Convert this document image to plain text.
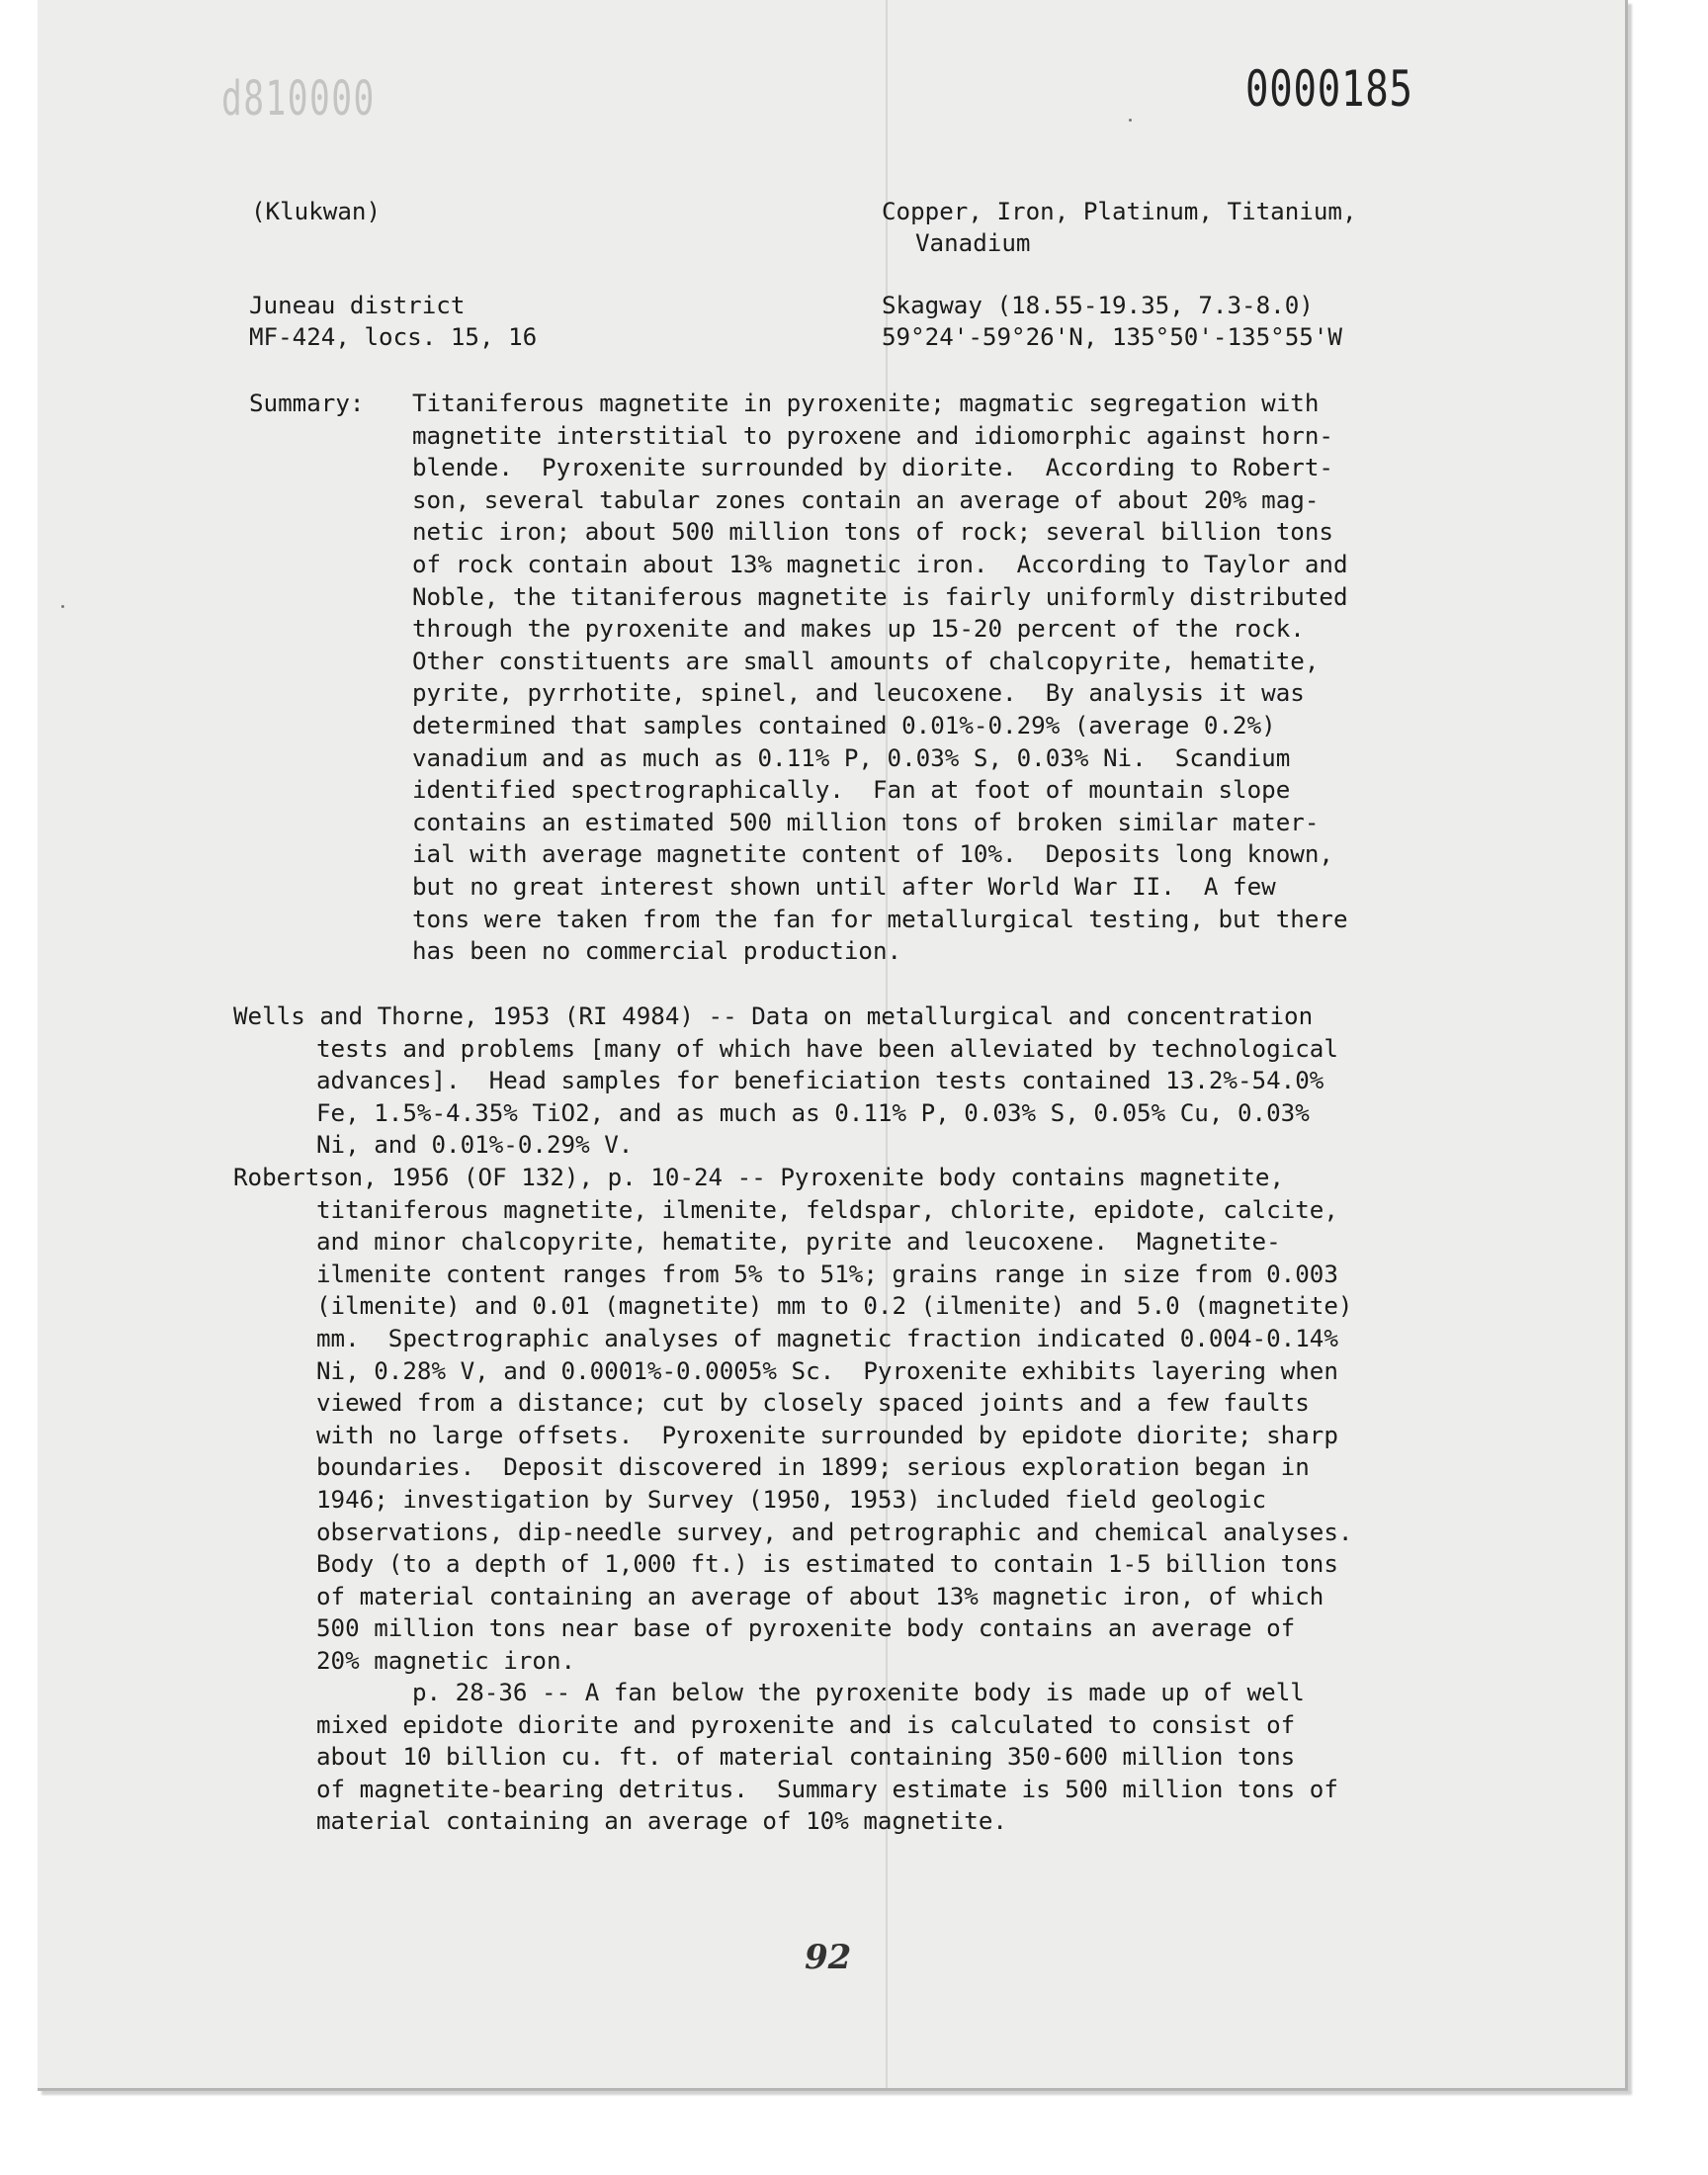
d810000	0000185
(Klukwan)	Copper, Iron, Platinum, Titanium,
Vanadium
Juneau district	Skagway (18.55-19.35, 7.3-8.0)
MF-424, locs. 15, 16	59°24'-59°26'N, 135°50'-135°55'W
Summary: Titaniferous magnetite in pyroxenite; magmatic segregation with
magnetite interstitial to pyroxene and idiomorphic against horn-
blende.  Pyroxenite surrounded by diorite.  According to Robert-
son, several tabular zones contain an average of about 20% mag-
netic iron; about 500 million tons of rock; several billion tons
of rock contain about 13% magnetic iron.  According to Taylor and
Noble, the titaniferous magnetite is fairly uniformly distributed
through the pyroxenite and makes up 15-20 percent of the rock.
Other constituents are small amounts of chalcopyrite, hematite,
pyrite, pyrrhotite, spinel, and leucoxene.  By analysis it was
determined that samples contained 0.01%-0.29% (average 0.2%)
vanadium and as much as 0.11% P, 0.03% S, 0.03% Ni.  Scandium
identified spectrographically.  Fan at foot of mountain slope
contains an estimated 500 million tons of broken similar mater-
ial with average magnetite content of 10%.  Deposits long known,
but no great interest shown until after World War II.  A few
tons were taken from the fan for metallurgical testing, but there
has been no commercial production.
Wells and Thorne, 1953 (RI 4984) -- Data on metallurgical and concentration
tests and problems [many of which have been alleviated by technological
advances].  Head samples for beneficiation tests contained 13.2%-54.0%
Fe, 1.5%-4.35% TiO2, and as much as 0.11% P, 0.03% S, 0.05% Cu, 0.03%
Ni, and 0.01%-0.29% V.
Robertson, 1956 (OF 132), p. 10-24 -- Pyroxenite body contains magnetite,
titaniferous magnetite, ilmenite, feldspar, chlorite, epidote, calcite,
and minor chalcopyrite, hematite, pyrite and leucoxene.  Magnetite-
ilmenite content ranges from 5% to 51%; grains range in size from 0.003
(ilmenite) and 0.01 (magnetite) mm to 0.2 (ilmenite) and 5.0 (magnetite)
mm.  Spectrographic analyses of magnetic fraction indicated 0.004-0.14%
Ni, 0.28% V, and 0.0001%-0.0005% Sc.  Pyroxenite exhibits layering when
viewed from a distance; cut by closely spaced joints and a few faults
with no large offsets.  Pyroxenite surrounded by epidote diorite; sharp
boundaries.  Deposit discovered in 1899; serious exploration began in
1946; investigation by Survey (1950, 1953) included field geologic
observations, dip-needle survey, and petrographic and chemical analyses.
Body (to a depth of 1,000 ft.) is estimated to contain 1-5 billion tons
of material containing an average of about 13% magnetic iron, of which
500 million tons near base of pyroxenite body contains an average of
20% magnetic iron.
p. 28-36 -- A fan below the pyroxenite body is made up of well
mixed epidote diorite and pyroxenite and is calculated to consist of
about 10 billion cu. ft. of material containing 350-600 million tons
of magnetite-bearing detritus.  Summary estimate is 500 million tons of
material containing an average of 10% magnetite.
92
